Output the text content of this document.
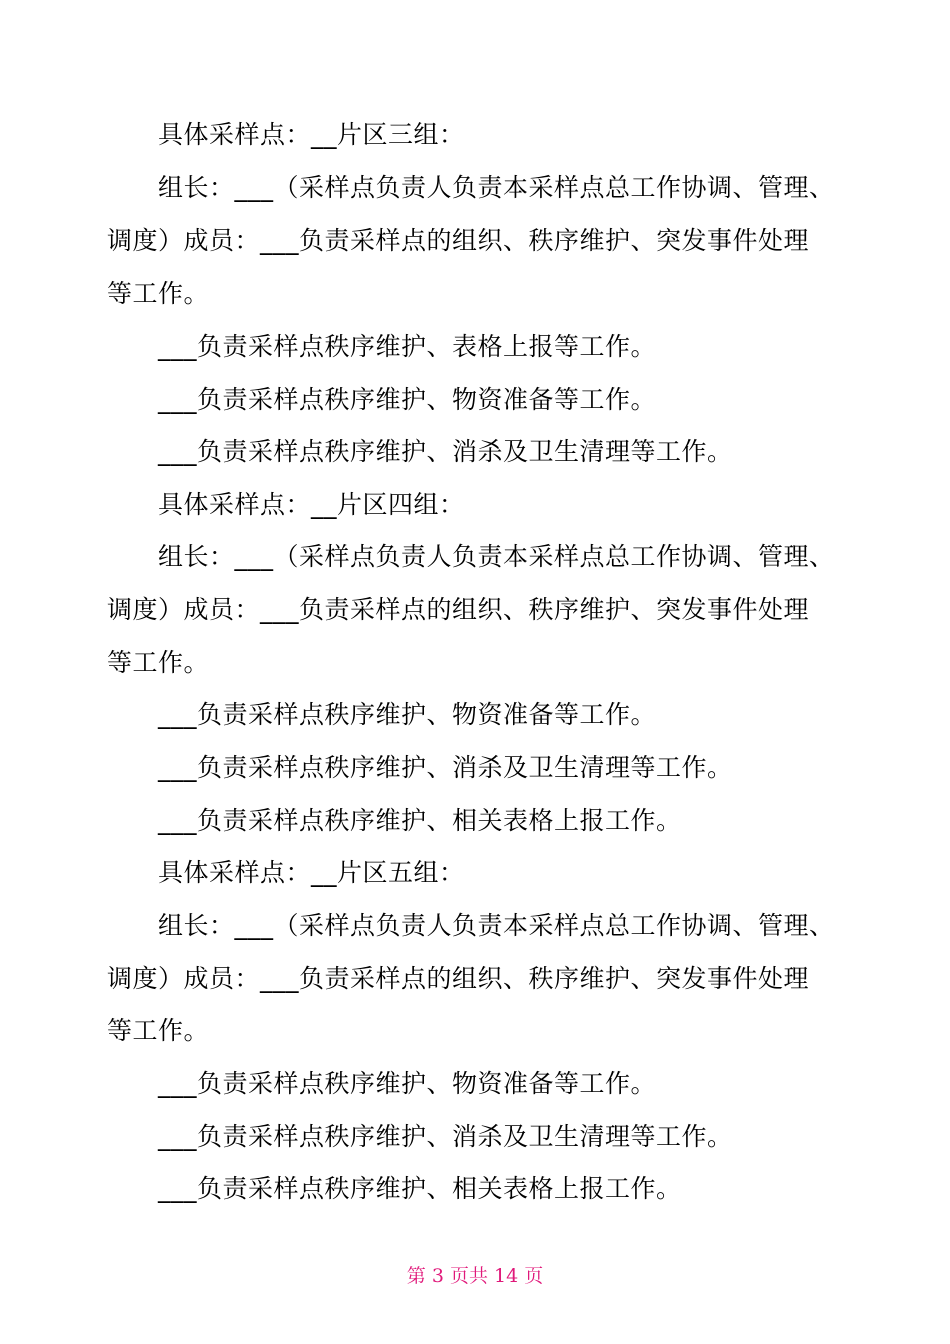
具体采样点：__片区三组：
组长：___（采样点负责人负责本采样点总工作协调、管理、
调度）成员：___负责采样点的组织、秩序维护、突发事件处理
等工作。
___负责采样点秩序维护、表格上报等工作。
___负责采样点秩序维护、物资准备等工作。
___负责采样点秩序维护、消杀及卫生清理等工作。
具体采样点：__片区四组：
组长：___（采样点负责人负责本采样点总工作协调、管理、
调度）成员：___负责采样点的组织、秩序维护、突发事件处理
等工作。
___负责采样点秩序维护、物资准备等工作。
___负责采样点秩序维护、消杀及卫生清理等工作。
___负责采样点秩序维护、相关表格上报工作。
具体采样点：__片区五组：
组长：___（采样点负责人负责本采样点总工作协调、管理、
调度）成员：___负责采样点的组织、秩序维护、突发事件处理
等工作。
___负责采样点秩序维护、物资准备等工作。
___负责采样点秩序维护、消杀及卫生清理等工作。
___负责采样点秩序维护、相关表格上报工作。
第 3 页共 14 页
